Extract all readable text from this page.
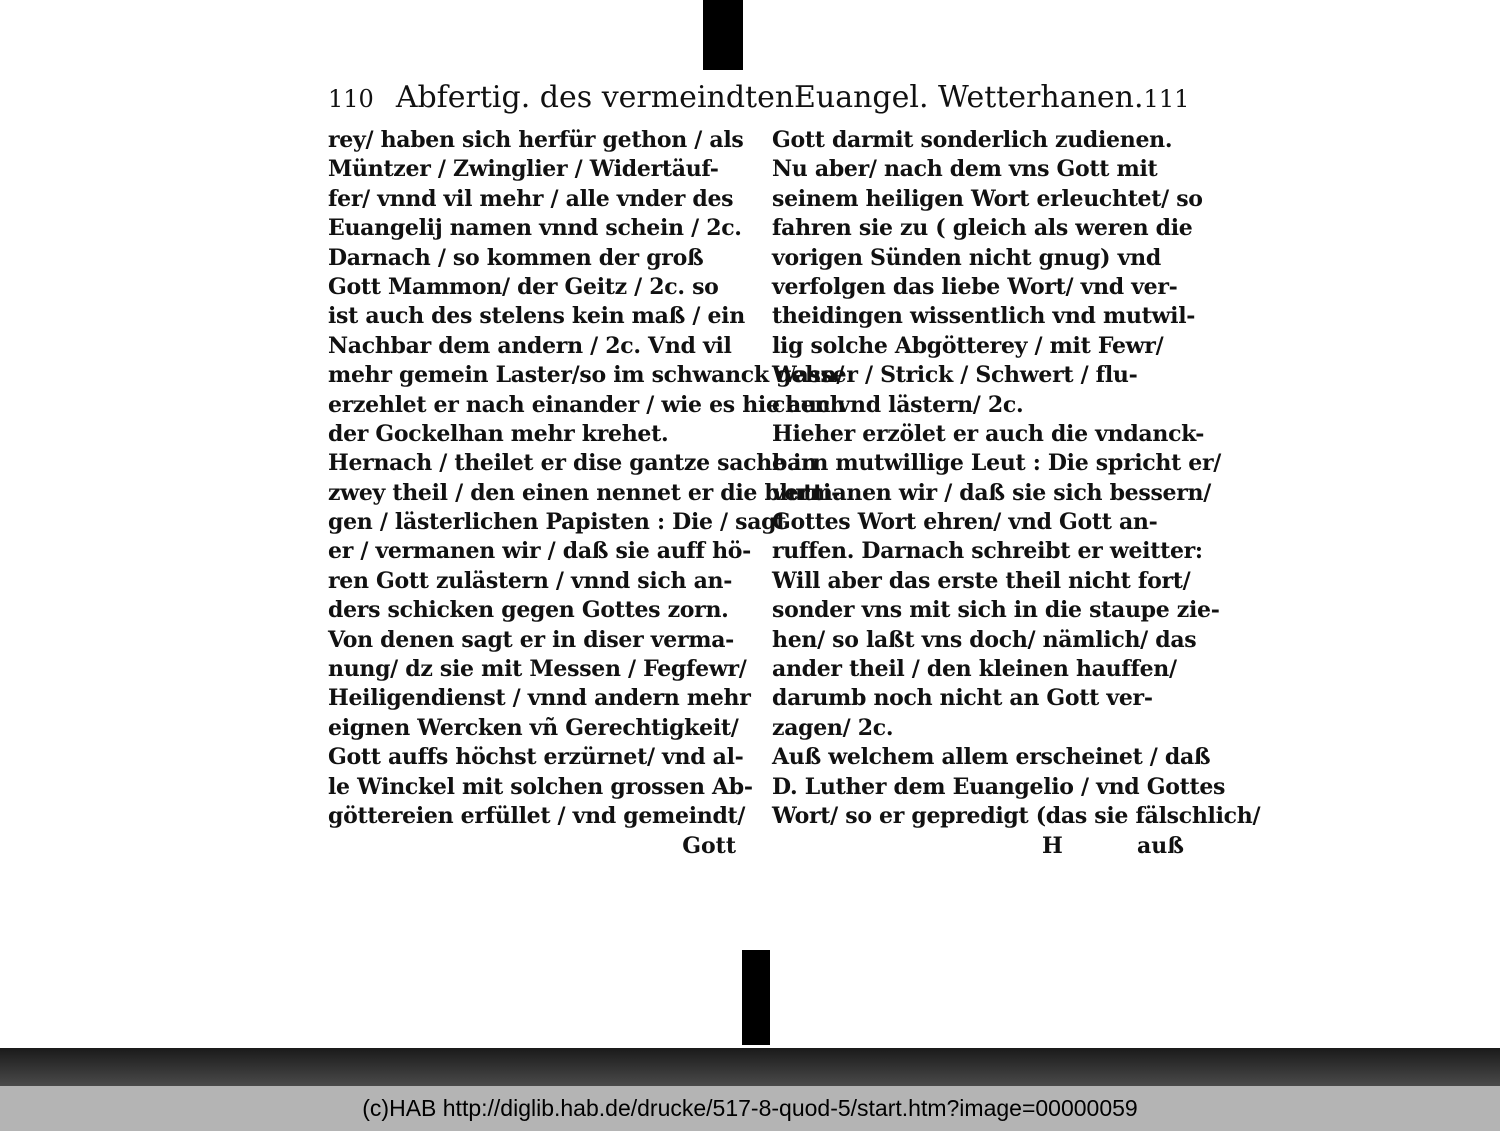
110 Abfertig. des vermeindten
rey/ haben sich herfür gethon / als
Müntzer / Zwinglier / Widertäuf-
fer/ vnnd vil mehr / alle vnder des
Euangelij namen vnnd schein / 2c.
Darnach / so kommen der groß
Gott Mammon/ der Geitz / 2c. so
ist auch des stelens kein maß / ein
Nachbar dem andern / 2c. Vnd vil
mehr gemein Laster/so im schwanck gehn/
erzehlet er nach einander / wie es hie auch
der Gockelhan mehr krehet.
Hernach / theilet er dise gantze sache in
zwey theil / den einen nennet er die blutti-
gen / lästerlichen Papisten : Die / sagt
er / vermanen wir / daß sie auff hö-
ren Gott zulästern / vnnd sich an-
ders schicken gegen Gottes zorn.
Von denen sagt er in diser verma-
nung/ dz sie mit Messen / Fegfewr/
Heiligendienst / vnnd andern mehr
eignen Wercken vñ Gerechtigkeit/
Gott auffs höchst erzürnet/ vnd al-
le Winckel mit solchen grossen Ab-
göttereien erfüllet / vnd gemeindt/
Gott
Euangel. Wetterhanen. 111
Gott darmit sonderlich zudienen.
Nu aber/ nach dem vns Gott mit
seinem heiligen Wort erleuchtet/ so
fahren sie zu ( gleich als weren die
vorigen Sünden nicht gnug) vnd
verfolgen das liebe Wort/ vnd ver-
theidingen wissentlich vnd mutwil-
lig solche Abgötterey / mit Fewr/
Wasser / Strick / Schwert / flu-
chen vnd lästern/ 2c.
Hieher erzölet er auch die vndanck-
barn mutwillige Leut : Die spricht er/
vermanen wir / daß sie sich bessern/
Gottes Wort ehren/ vnd Gott an-
ruffen. Darnach schreibt er weitter:
Will aber das erste theil nicht fort/
sonder vns mit sich in die staupe zie-
hen/ so laßt vns doch/ nämlich/ das
ander theil / den kleinen hauffen/
darumb noch nicht an Gott ver-
zagen/ 2c.
Auß welchem allem erscheinet / daß
D. Luther dem Euangelio / vnd Gottes
Wort/ so er gepredigt (das sie fälschlich/
H	auß
(c)HAB http://diglib.hab.de/drucke/517-8-quod-5/start.htm?image=00000059
